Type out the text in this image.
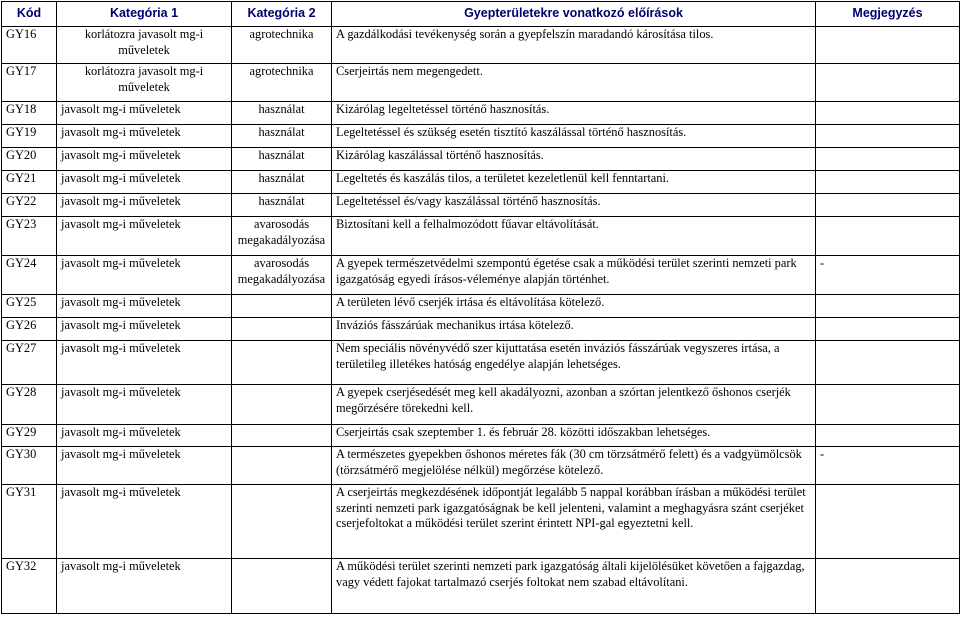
Kód	Kategória 1	Kategória 2	Gyepterületekre vonatkozó előírások	Megjegyzés
GY16	korlátozra javasolt mg-i műveletek	agrotechnika	A gazdálkodási tevékenység során a gyepfelszín maradandó károsítása tilos.	
GY17	korlátozra javasolt mg-i műveletek	agrotechnika	Cserjeirtás nem megengedett.	
GY18	javasolt mg-i műveletek	használat	Kizárólag legeltetéssel történő hasznosítás.	
GY19	javasolt mg-i műveletek	használat	Legeltetéssel és szükség esetén tisztító kaszálással történő hasznosítás.	
GY20	javasolt mg-i műveletek	használat	Kizárólag kaszálással történő hasznosítás.	
GY21	javasolt mg-i műveletek	használat	Legeltetés és kaszálás tilos, a területet kezeletlenül kell fenntartani.	
GY22	javasolt mg-i műveletek	használat	Legeltetéssel és/vagy kaszálással történő hasznosítás.	
GY23	javasolt mg-i műveletek	avarosodás megakadályozása	Biztosítani kell a felhalmozódott fűavar eltávolítását.	
GY24	javasolt mg-i műveletek	avarosodás megakadályozása	A gyepek természetvédelmi szempontú égetése csak a működési terület szerinti nemzeti park igazgatóság egyedi írásos-véleménye alapján történhet.	-
GY25	javasolt mg-i műveletek		A területen lévő cserjék irtása és eltávolítása kötelező.	
GY26	javasolt mg-i műveletek		Inváziós fásszárúak mechanikus irtása kötelező.	
GY27	javasolt mg-i műveletek		Nem speciális növényvédő szer kijuttatása esetén inváziós fásszárúak vegyszeres irtása, a területileg illetékes hatóság engedélye alapján lehetséges.	
GY28	javasolt mg-i műveletek		A gyepek cserjésedését meg kell akadályozni, azonban a szórtan jelentkező őshonos cserjék megőrzésére törekedni kell.	
GY29	javasolt mg-i műveletek		Cserjeirtás csak szeptember 1. és február 28. közötti időszakban lehetséges.	
GY30	javasolt mg-i műveletek		A természetes gyepekben őshonos méretes fák (30 cm törzsátmérő felett) és a vadgyümölcsök (törzsátmérő megjelölése nélkül) megőrzése kötelező.	-
GY31	javasolt mg-i műveletek		A cserjeirtás megkezdésének időpontját legalább 5 nappal korábban írásban a működési terület szerinti nemzeti park igazgatóságnak be kell jelenteni, valamint a meghagyásra szánt cserjéket cserjefoltokat a működési terület szerint érintett NPI-gal egyeztetni kell.	
GY32	javasolt mg-i műveletek		A működési terület szerinti nemzeti park igazgatóság általi kijelölésüket követően a fajgazdag, vagy védett fajokat tartalmazó cserjés foltokat nem szabad eltávolítani.	
